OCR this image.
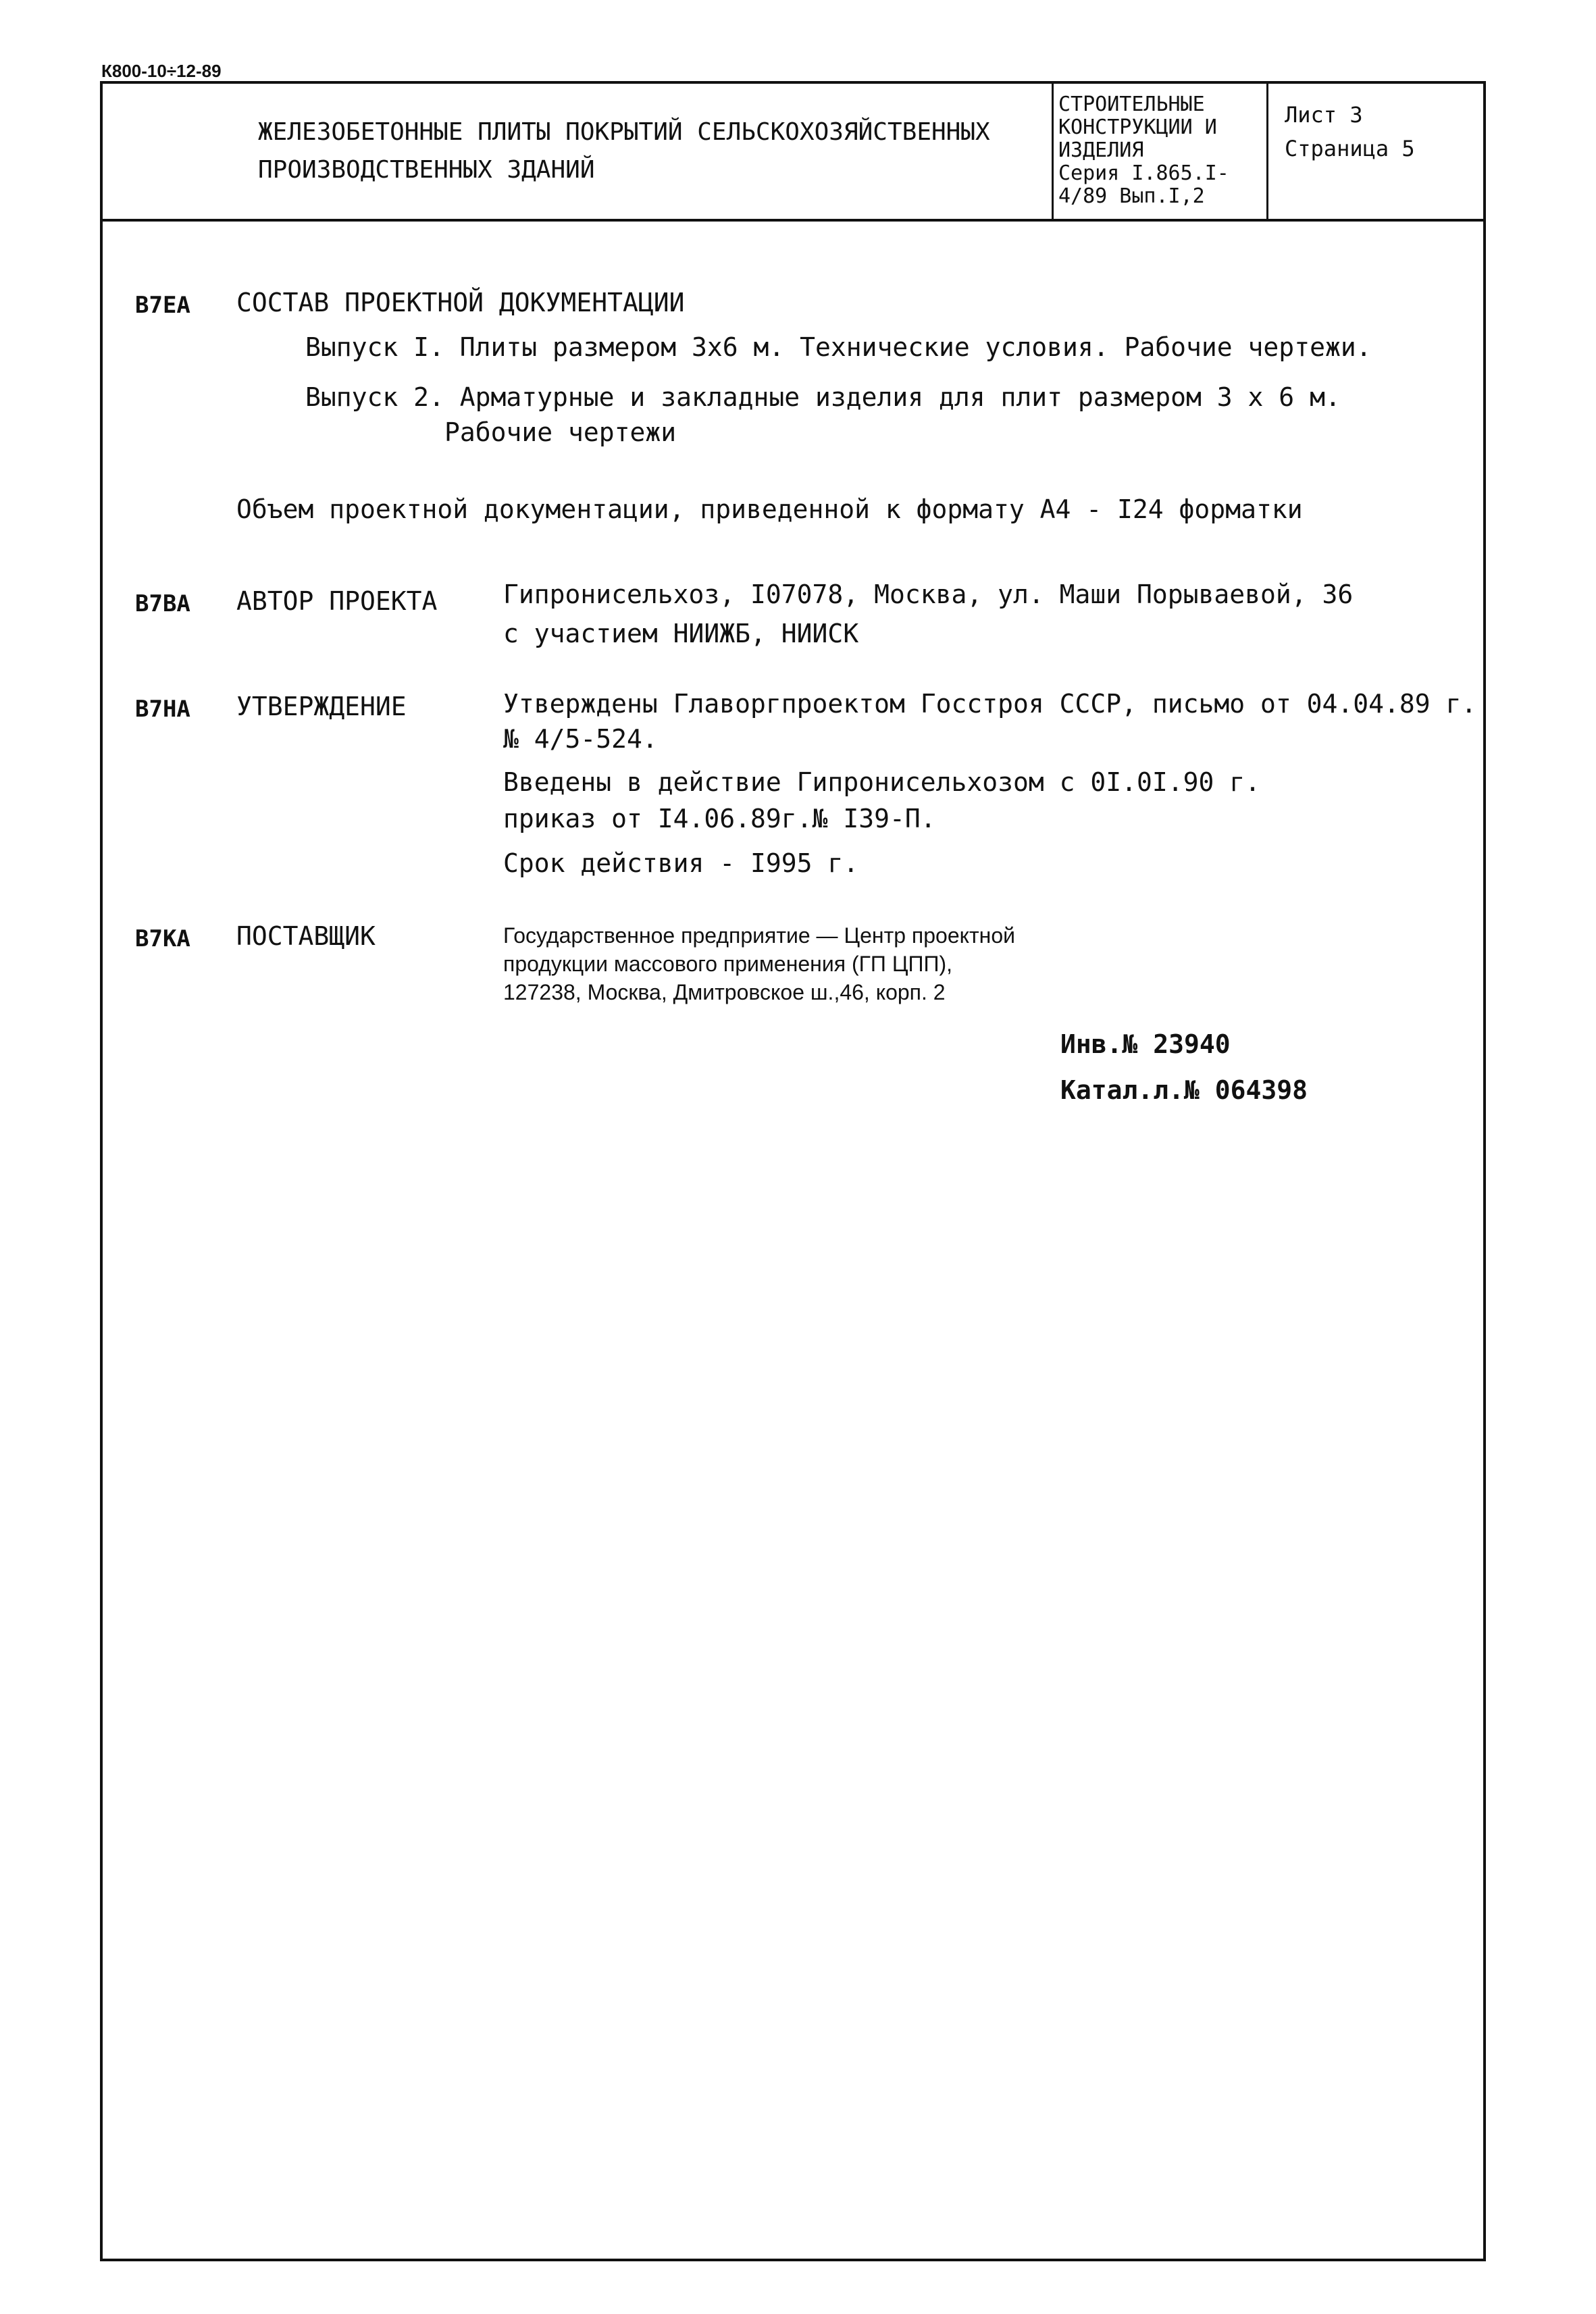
К800-10÷12-89
ЖЕЛЕЗОБЕТОННЫЕ ПЛИТЫ ПОКРЫТИЙ СЕЛЬСКОХОЗЯЙСТВЕННЫХ
ПРОИЗВОДСТВЕННЫХ ЗДАНИЙ
СТРОИТЕЛЬНЫЕ
КОНСТРУКЦИИ И
ИЗДЕЛИЯ
Серия I.865.I-
4/89 Вып.I,2
Лист 3
Страница 5
В7ЕА СОСТАВ ПРОЕКТНОЙ ДОКУМЕНТАЦИИ
Выпуск I. Плиты размером 3х6 м. Технические условия. Рабочие чертежи.
Выпуск 2. Арматурные и закладные изделия для плит размером 3 х 6 м.
Рабочие чертежи
Объем проектной документации, приведенной к формату А4 - I24 форматки
В7ВА АВТОР ПРОЕКТА	Гипронисельхоз, I07078, Москва, ул. Маши Порываевой, 36
с участием НИИЖБ, НИИСК
В7НА УТВЕРЖДЕНИЕ	Утверждены Главоргпроектом Госстроя СССР, письмо от 04.04.89 г.
№ 4/5-524.
Введены в действие Гипронисельхозом с 0I.0I.90 г.
приказ от I4.06.89г.№ I39-П.
Срок действия - I995 г.
В7КА ПОСТАВЩИК	Государственное предприятие — Центр проектной
продукции массового применения (ГП ЦПП),
127238, Москва, Дмитровское ш.,46, корп. 2
Инв.№ 23940
Катал.л.№ 064398
